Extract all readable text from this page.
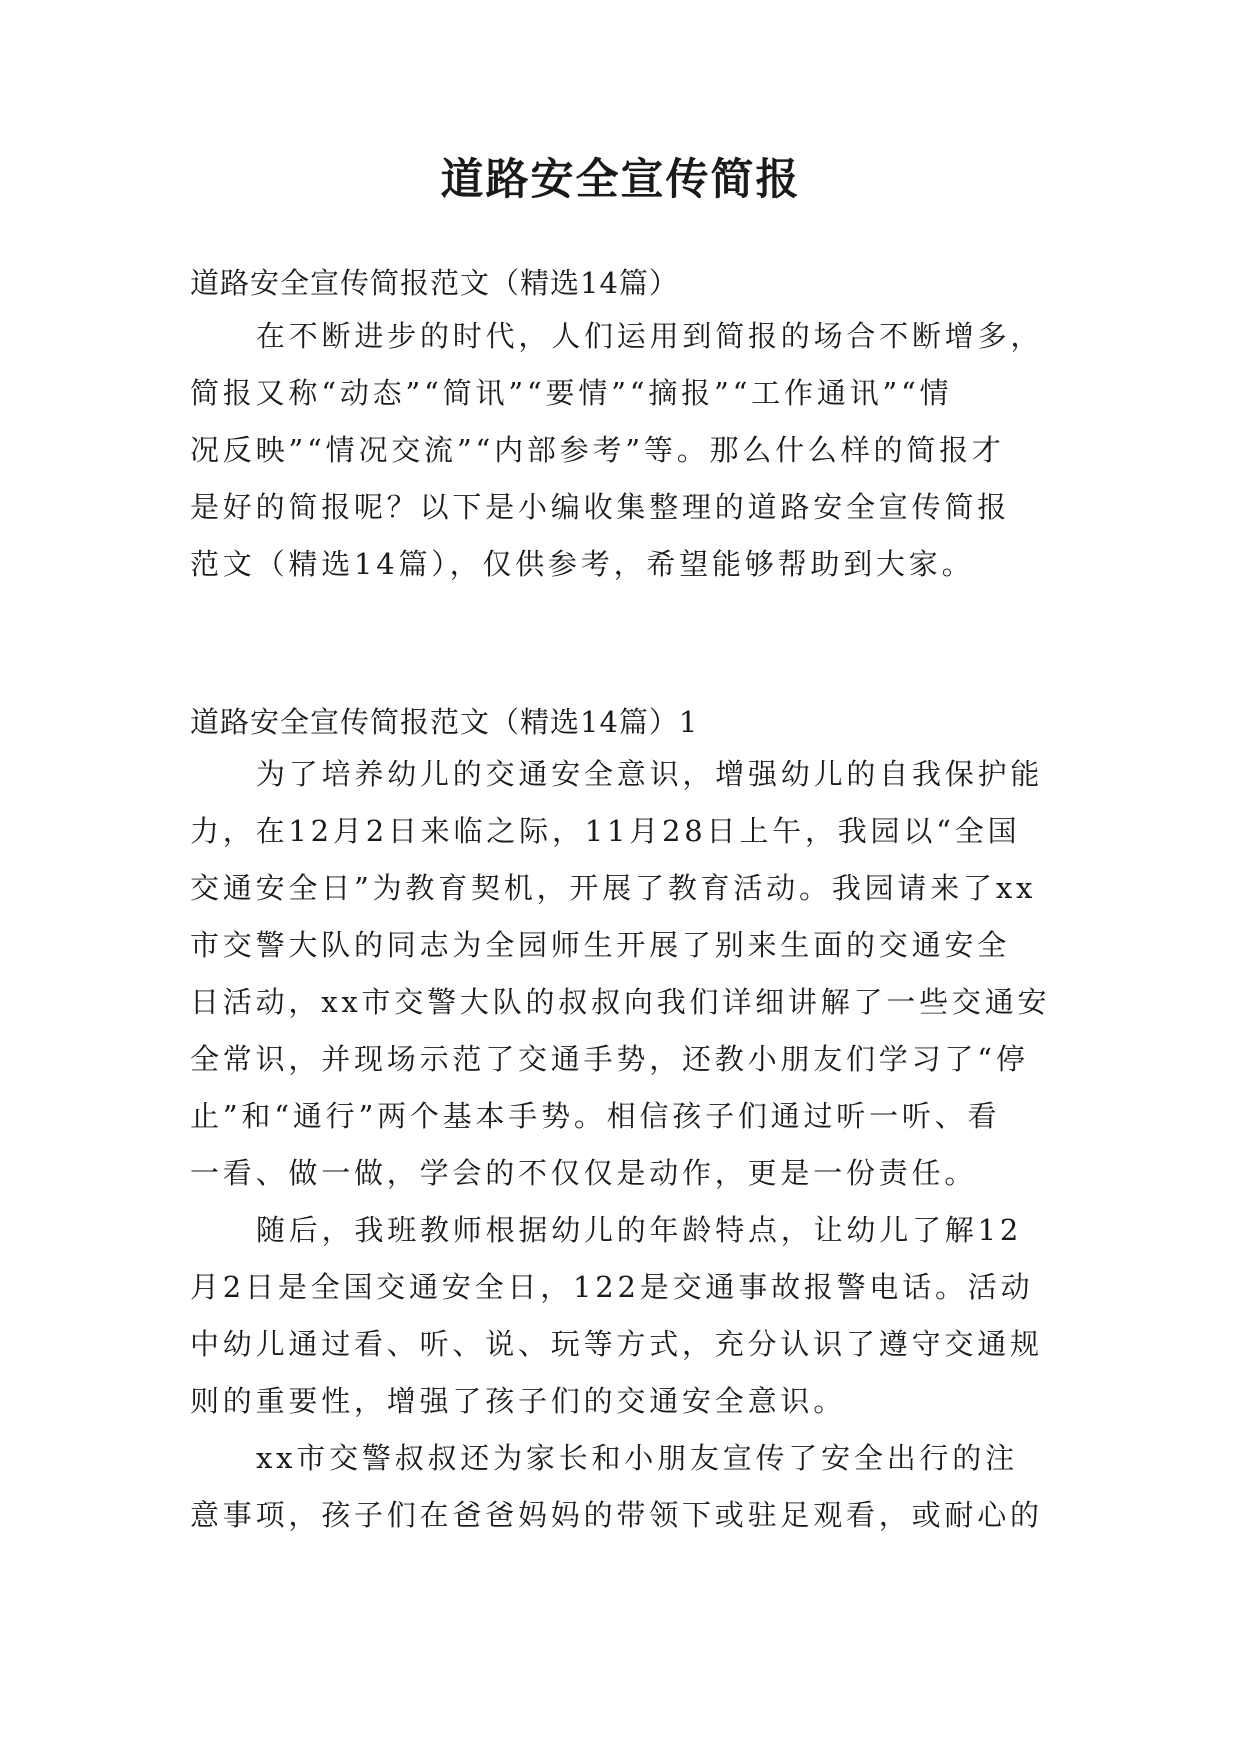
道路安全宣传简报
道路安全宣传简报范文（精选14篇）
在不断进步的时代，人们运用到简报的场合不断增多，
简报又称“动态”“简讯”“要情”“摘报”“工作通讯”“情
况反映”“情况交流”“内部参考”等。那么什么样的简报才
是好的简报呢？以下是小编收集整理的道路安全宣传简报
范文（精选14篇），仅供参考，希望能够帮助到大家。
道路安全宣传简报范文（精选14篇）1
为了培养幼儿的交通安全意识，增强幼儿的自我保护能
力，在12月2日来临之际，11月28日上午，我园以“全国
交通安全日”为教育契机，开展了教育活动。我园请来了xx
市交警大队的同志为全园师生开展了别来生面的交通安全
日活动，xx市交警大队的叔叔向我们详细讲解了一些交通安
全常识，并现场示范了交通手势，还教小朋友们学习了“停
止”和“通行”两个基本手势。相信孩子们通过听一听、看
一看、做一做，学会的不仅仅是动作，更是一份责任。
随后，我班教师根据幼儿的年龄特点，让幼儿了解12
月2日是全国交通安全日，122是交通事故报警电话。活动
中幼儿通过看、听、说、玩等方式，充分认识了遵守交通规
则的重要性，增强了孩子们的交通安全意识。
xx市交警叔叔还为家长和小朋友宣传了安全出行的注
意事项，孩子们在爸爸妈妈的带领下或驻足观看，或耐心的
